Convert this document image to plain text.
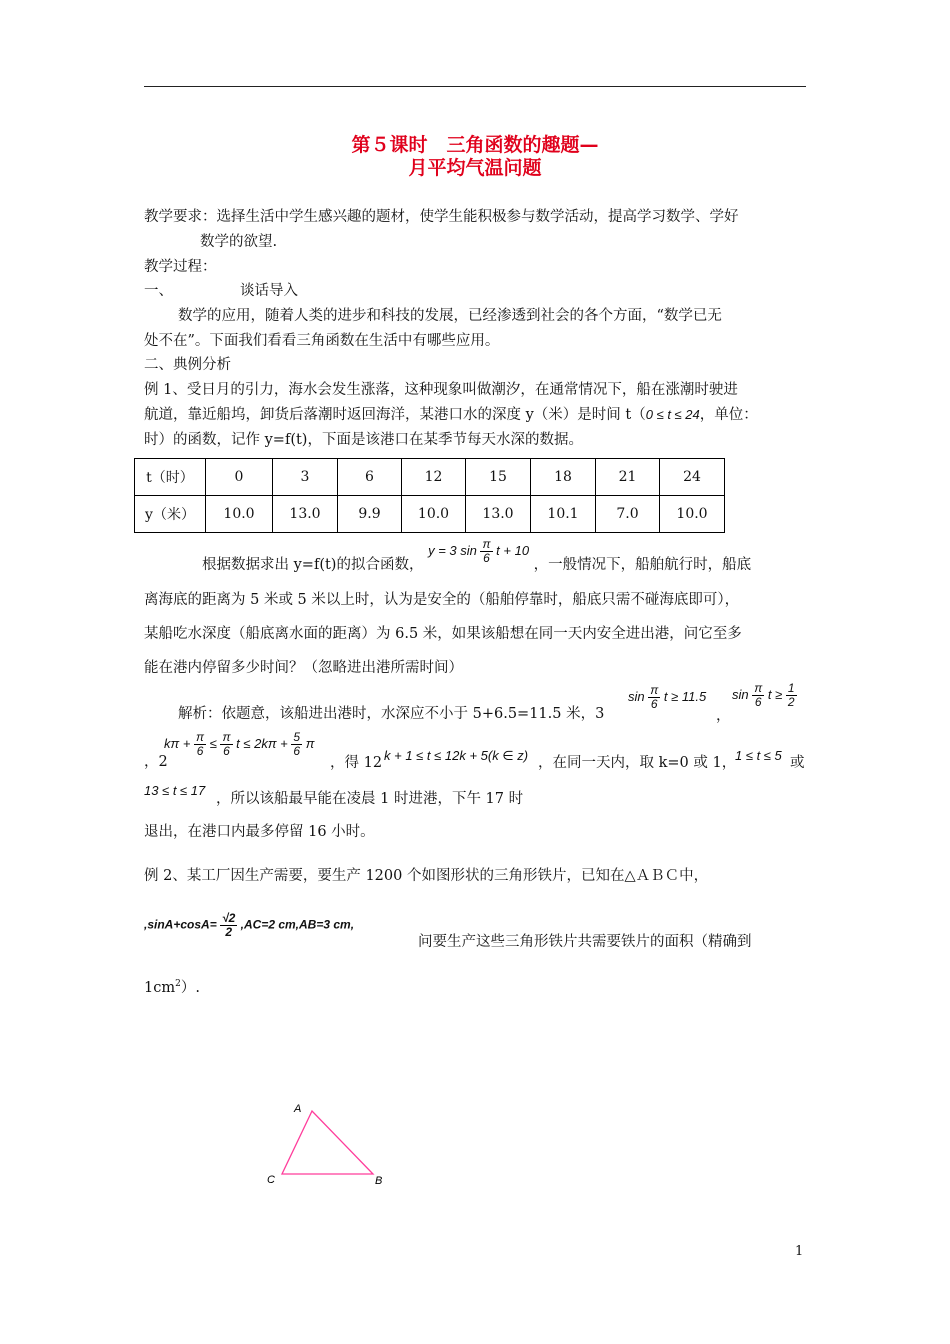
第５课时　三角函数的趣题—
月平均气温问题
教学要求：选择生活中学生感兴趣的题材，使学生能积极参与数学活动，提高学习数学、学好
数学的欲望.
教学过程：
一、	谈话导入
数学的应用，随着人类的进步和科技的发展，已经渗透到社会的各个方面，“数学已无
处不在”。下面我们看看三角函数在生活中有哪些应用。
二、典例分析
例 1、受日月的引力，海水会发生涨落，这种现象叫做潮汐，在通常情况下，船在涨潮时驶进
航道，靠近船坞，卸货后落潮时返回海洋，某港口水的深度 y（米）是时间 t（0 ≤ t ≤ 24，单位：
时）的函数，记作 y=f(t)，下面是该港口在某季节每天水深的数据。
t（时）	0	3	6	12	15	18	21	24
y（米）	10.0	13.0	9.9	10.0	13.0	10.1	7.0	10.0
根据数据求出 y=f(t)的拟合函数， y = 3 $\sin \frac{\pi}{6}$ t + 10 ，一般情况下，船舶航行时，船底
离海底的距离为 5 米或 5 米以上时，认为是安全的（船舶停靠时，船底只需不碰海底即可），
某船吃水深度（船底离水面的距离）为 6.5 米，如果该船想在同一天内安全进出港，问它至多
能在港内停留多少时间？（忽略进出港所需时间）
解析：依题意，该船进出港时，水深应不小于 5+6.5=11.5 米，3
$\sin \frac{\pi}{6}$ t ≥ 11.5
，
$\sin \frac{\pi}{6}$ $t \ge \frac{1}{2}$
，2
$k\pi + \frac{\pi}{6} \le \frac{\pi}{6}$ $t \le 2k\pi + \frac{5}{6}$ π
，得 12 k + 1 ≤ t ≤ 12k + 5(k ∈ z) ，在同一天内，取 k=0 或 1，
1 ≤ t ≤ 5 或
13 ≤ t ≤ 17
，所以该船最早能在凌晨 1 时进港，下午 17 时
退出，在港口内最多停留 16 小时。
例 2、某工厂因生产需要，要生产 1200 个如图形状的三角形铁片，已知在△ＡＢＣ中，
$,\sin A+\cos A= \frac{√2}{2} ,AC=2$ cm,AB=3 cm,
问要生产这些三角形铁片共需要铁片的面积（精确到
$1cm^2$）.
A
B
C
1
